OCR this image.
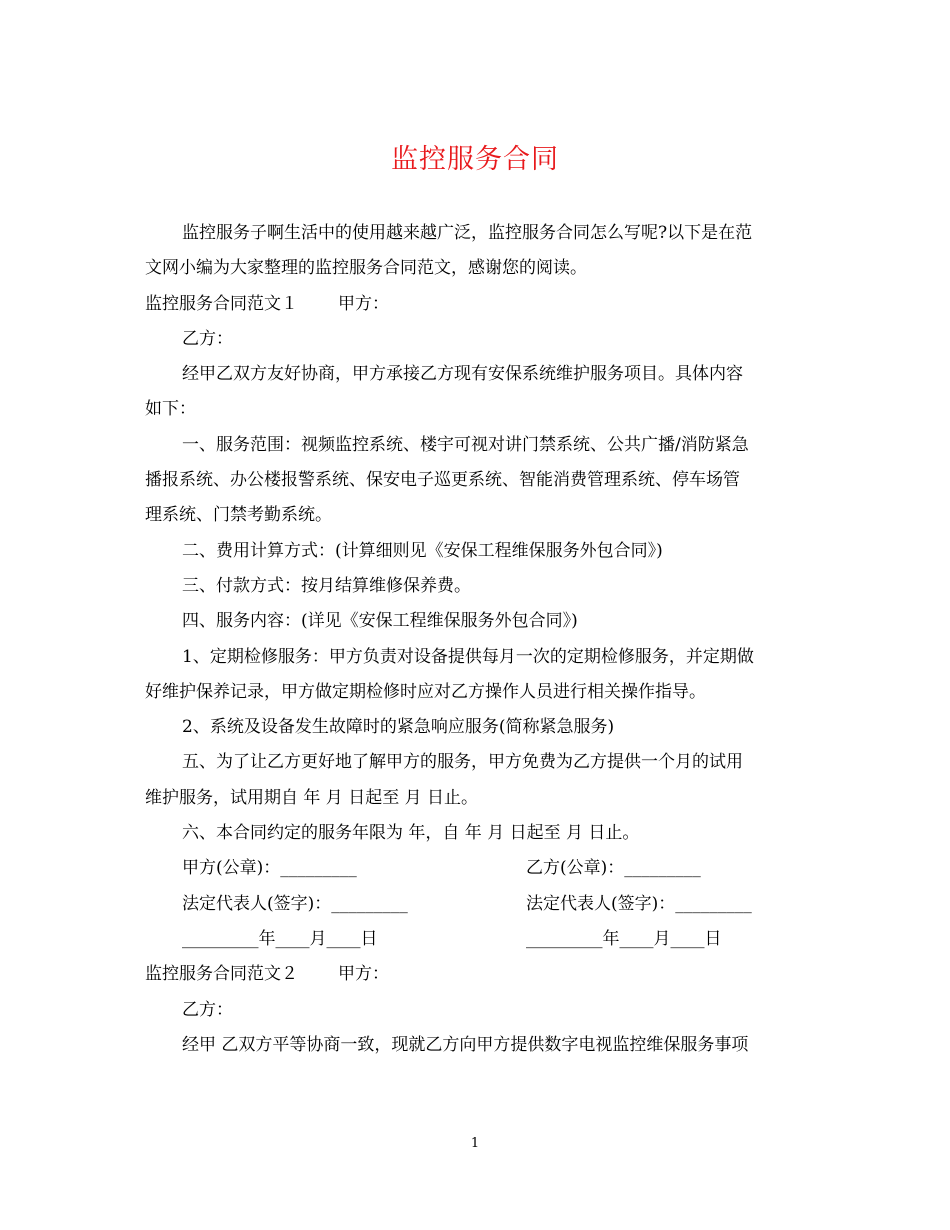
监控服务合同

监控服务子啊生活中的使用越来越广泛，监控服务合同怎么写呢?以下是在范

文网小编为大家整理的监控服务合同范文，感谢您的阅读。

监控服务合同范文１ 甲方：

乙方：

经甲乙双方友好协商，甲方承接乙方现有安保系统维护服务项目。具体内容

如下：

一、服务范围：视频监控系统、楼宇可视对讲门禁系统、公共广播/消防紧急

播报系统、办公楼报警系统、保安电子巡更系统、智能消费管理系统、停车场管

理系统、门禁考勤系统。

二、费用计算方式：(计算细则见《安保工程维保服务外包合同》)

三、付款方式：按月结算维修保养费。

四、服务内容：(详见《安保工程维保服务外包合同》)

1、定期检修服务：甲方负责对设备提供每月一次的定期检修服务，并定期做

好维护保养记录，甲方做定期检修时应对乙方操作人员进行相关操作指导。

2、系统及设备发生故障时的紧急响应服务(简称紧急服务)

五、为了让乙方更好地了解甲方的服务，甲方免费为乙方提供一个月的试用

维护服务，试用期自 年 月 日起至 月 日止。

六、本合同约定的服务年限为 年，自 年 月 日起至 月 日止。

甲方(公章)：_________	乙方(公章)：_________
法定代表人(签字)：_________	法定代表人(签字)：_________
_________年____月____日	_________年____月____日

监控服务合同范文２ 甲方：

乙方：

经甲 乙双方平等协商一致，现就乙方向甲方提供数字电视监控维保服务事项

1
